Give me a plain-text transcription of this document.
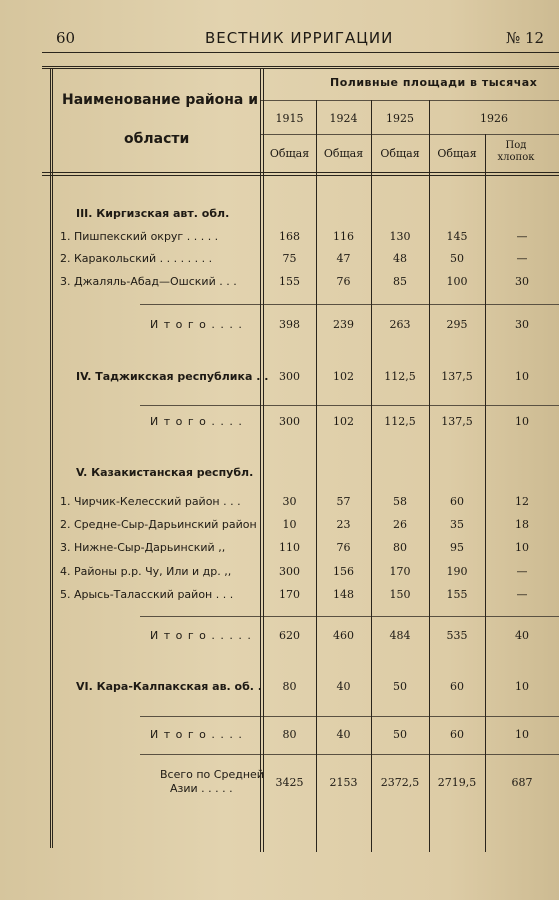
60	ВЕСТНИК ИРРИГАЦИИ	№ 12
Наименование района и
области
Поливные площади в тысячах
1915	1924	1925	1926
Общая	Общая	Общая	Общая
Под хлопок
III. Киргизская авт. обл.
1. Пишпекский округ . . . . .	168	116	130	145	—
2. Каракольский . . . . . . . .	75	47	48	50	—
3. Джаляль-Абад—Ошский . . .	155	76	85	100	30
И т о г о . . . .	398	239	263	295	30
IV. Таджикская республика . . 300	102	112,5	137,5	10
И т о г о . . . .	300	102	112,5	137,5	10
V. Казакистанская республ.
1. Чирчик-Келесский район . . .	30	57	58	60	12
2. Средне-Сыр-Дарьинский район	10	23	26	35	18
3. Нижне-Сыр-Дарьинский ,,	110	76	80	95	10
4. Районы р.р. Чу, Или и др. ,,	300	156	170	190	—
5. Арысь-Таласский район . . .	170	148	150	155	—
И т о г о . . . . .	620	460	484	535	40
VI. Кара-Калпакская ав. об. .	80	40	50	60	10
И т о г о . . . .	80	40	50	60	10
Всего по Средней
Азии . . . . .	3425	2153	2372,5	2719,5	687
